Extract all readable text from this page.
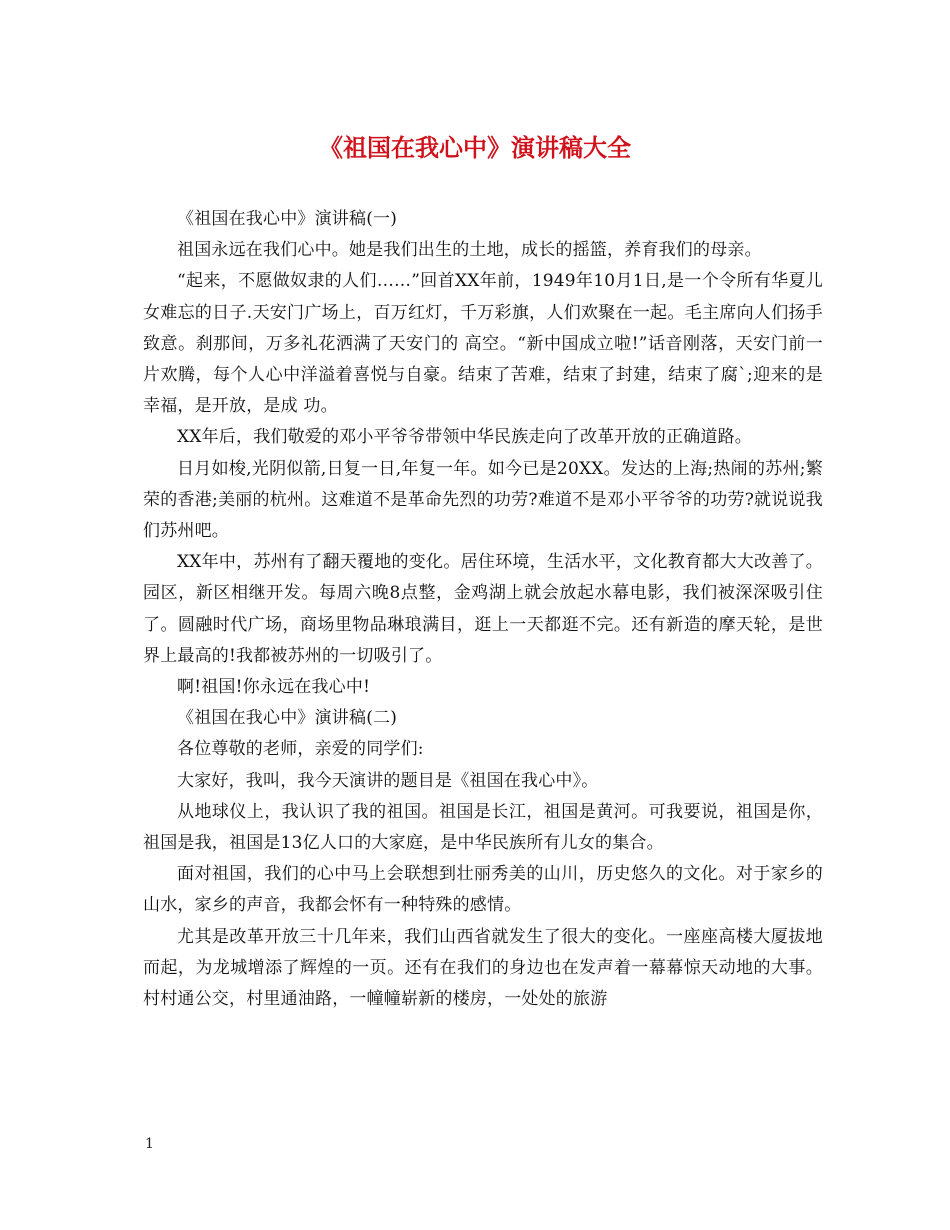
《祖国在我心中》演讲稿大全

《祖国在我心中》演讲稿(一)

祖国永远在我们心中。她是我们出生的土地，成长的摇篮，养育我们的母亲。

“起来，不愿做奴隶的人们……”回首XX年前，1949年10月1日,是一个令所有华夏儿女难忘的日子.天安门广场上，百万红灯，千万彩旗，人们欢聚在一起。毛主席向人们扬手致意。刹那间，万多礼花洒满了天安门的 高空。“新中国成立啦!”话音刚落，天安门前一片欢腾，每个人心中洋溢着喜悦与自豪。结束了苦难，结束了封建，结束了腐`;迎来的是幸福，是开放，是成 功。

XX年后，我们敬爱的邓小平爷爷带领中华民族走向了改革开放的正确道路。

日月如梭,光阴似箭,日复一日,年复一年。如今已是20XX。发达的上海;热闹的苏州;繁荣的香港;美丽的杭州。这难道不是革命先烈的功劳?难道不是邓小平爷爷的功劳?就说说我们苏州吧。

XX年中，苏州有了翻天覆地的变化。居住环境，生活水平，文化教育都大大改善了。园区，新区相继开发。每周六晚8点整，金鸡湖上就会放起水幕电影，我们被深深吸引住了。圆融时代广场，商场里物品琳琅满目，逛上一天都逛不完。还有新造的摩天轮，是世界上最高的!我都被苏州的一切吸引了。

啊!祖国!你永远在我心中!

《祖国在我心中》演讲稿(二)

各位尊敬的老师，亲爱的同学们:

大家好，我叫，我今天演讲的题目是《祖国在我心中》。

从地球仪上，我认识了我的祖国。祖国是长江，祖国是黄河。可我要说，祖国是你，祖国是我，祖国是13亿人口的大家庭，是中华民族所有儿女的集合。

面对祖国，我们的心中马上会联想到壮丽秀美的山川，历史悠久的文化。对于家乡的山水，家乡的声音，我都会怀有一种特殊的感情。

尤其是改革开放三十几年来，我们山西省就发生了很大的变化。一座座高楼大厦拔地而起，为龙城增添了辉煌的一页。还有在我们的身边也在发声着一幕幕惊天动地的大事。村村通公交，村里通油路，一幢幢崭新的楼房，一处处的旅游

1
